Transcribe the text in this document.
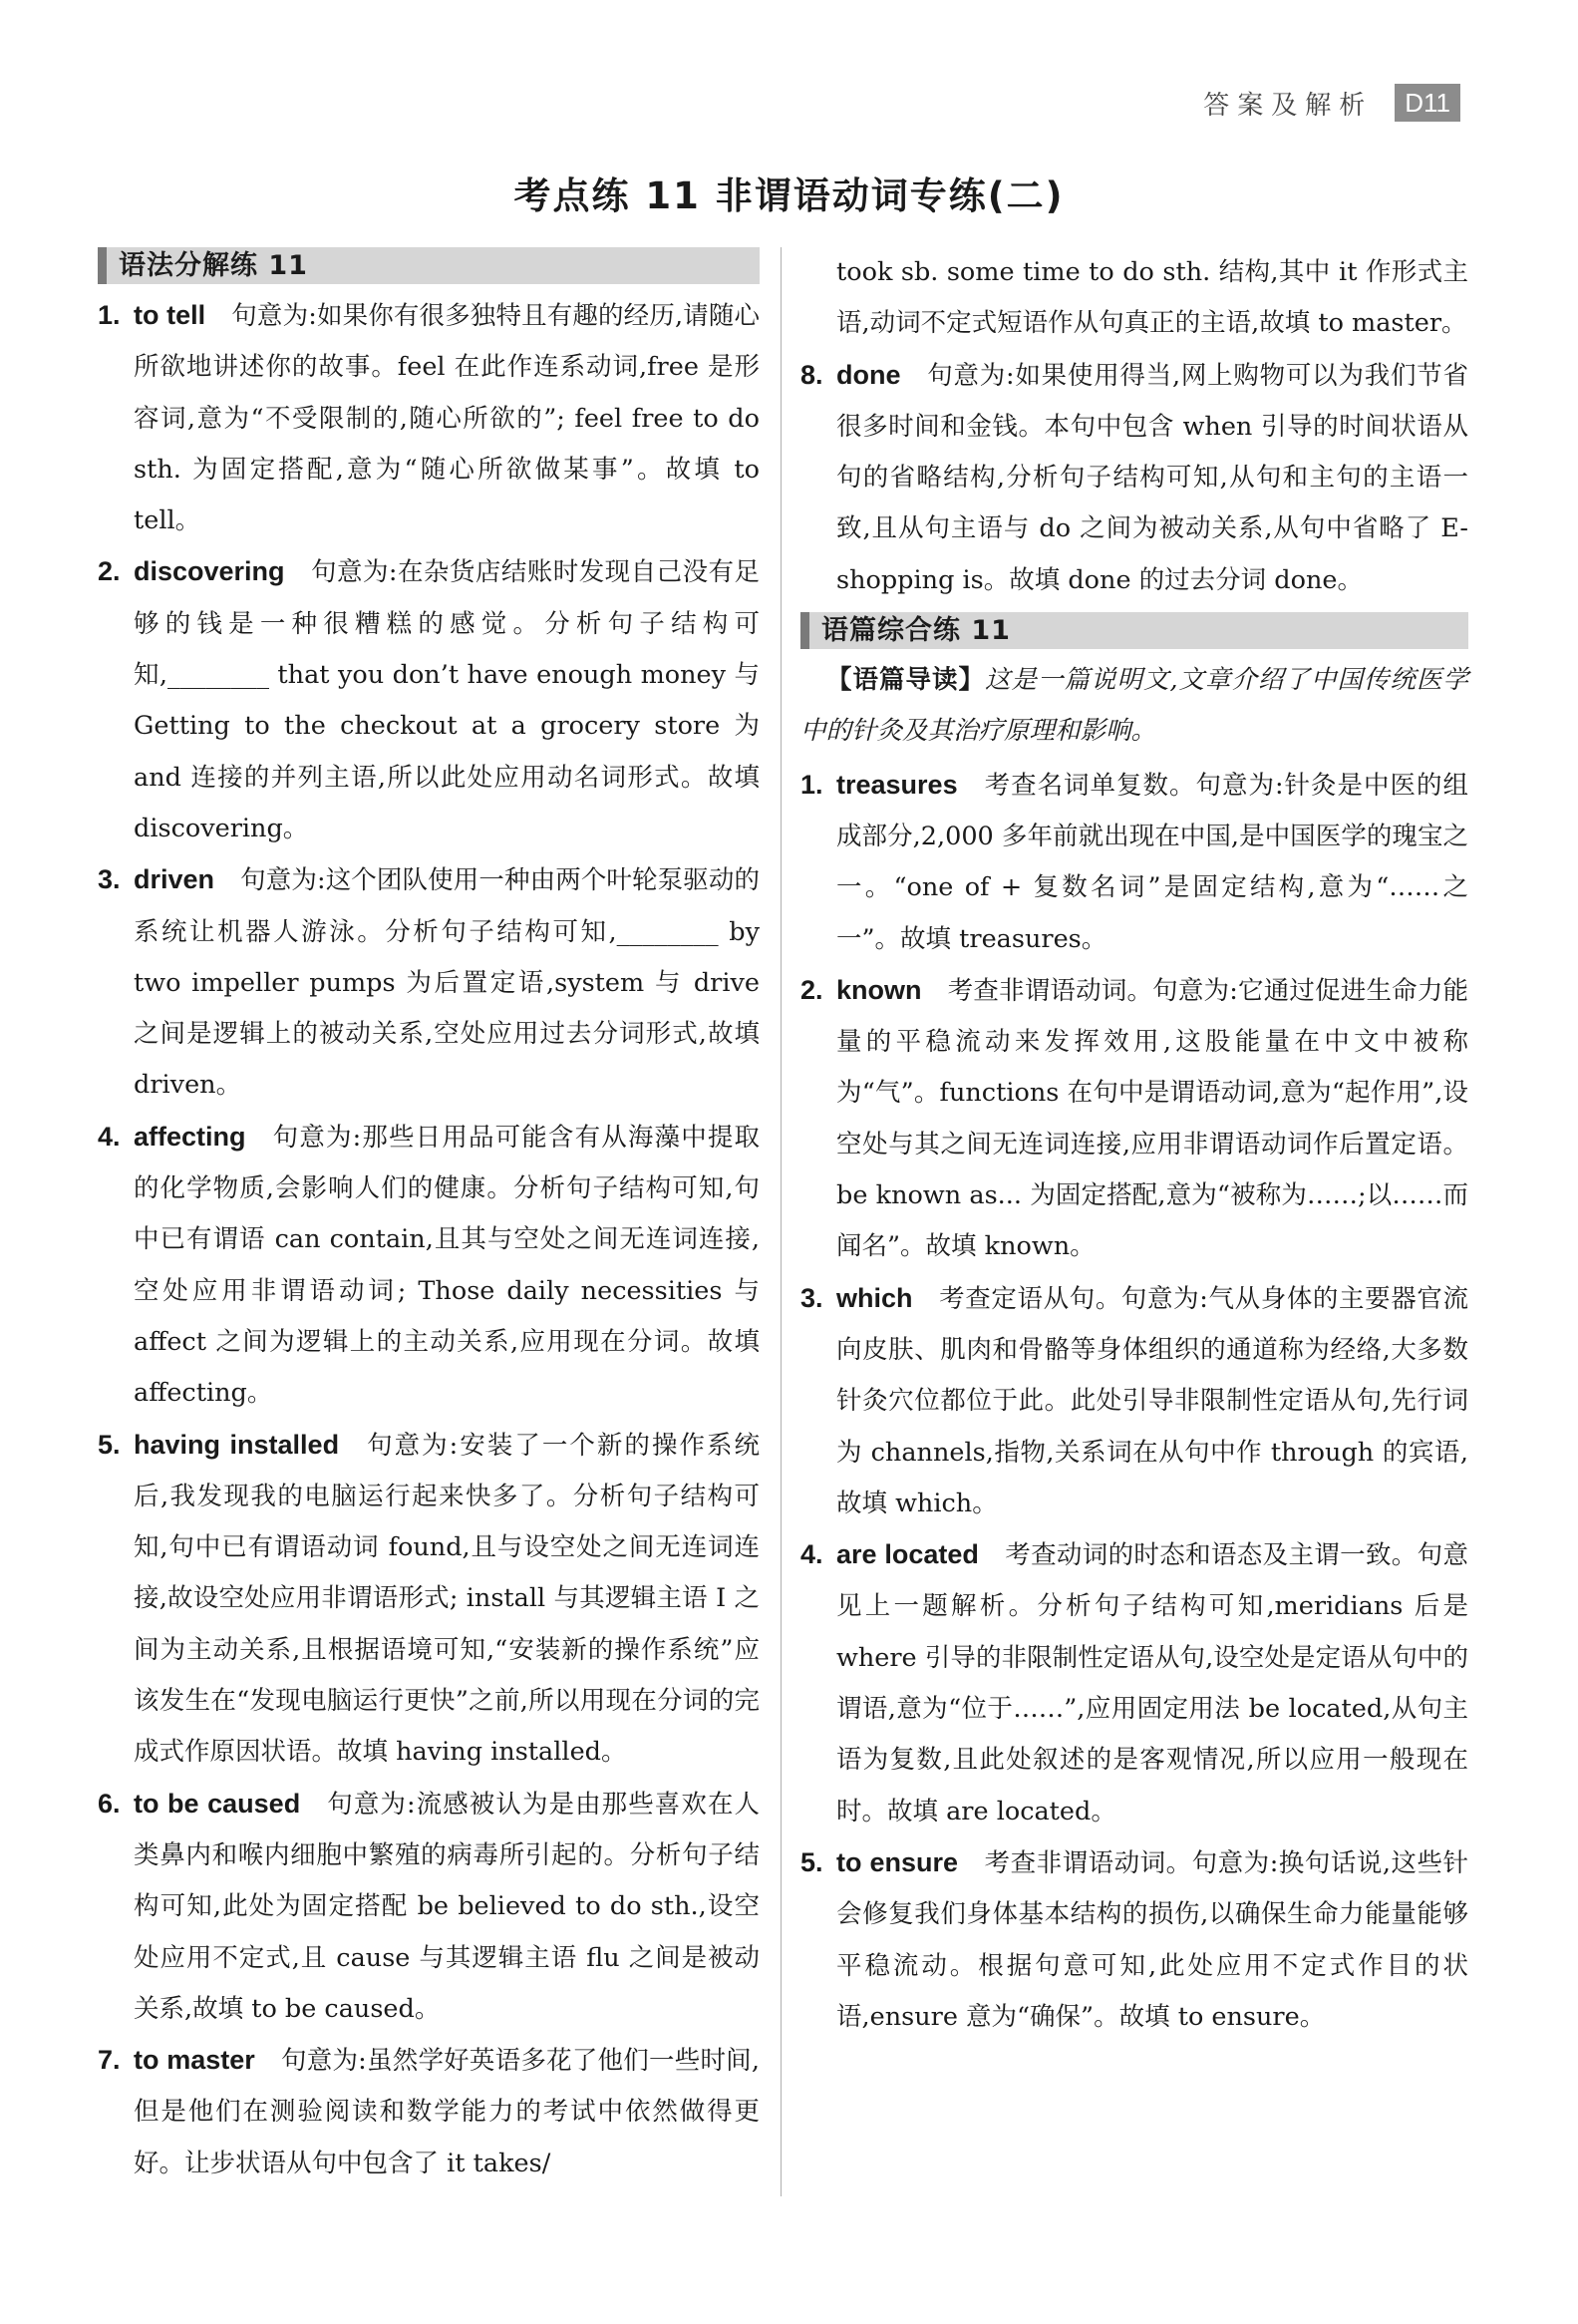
答案及解析	D11
考点练 11 非谓语动词专练(二)
语法分解练 11
1. to tell 句意为:如果你有很多独特且有趣的经历,请随心所欲地讲述你的故事。feel 在此作连系动词,free 是形容词,意为“不受限制的,随心所欲的”; feel free to do sth. 为固定搭配,意为“随心所欲做某事”。故填 to tell。
2. discovering 句意为:在杂货店结账时发现自己没有足够的钱是一种很糟糕的感觉。分析句子结构可知,________ that you don’t have enough money 与 Getting to the checkout at a grocery store 为 and 连接的并列主语,所以此处应用动名词形式。故填 discovering。
3. driven 句意为:这个团队使用一种由两个叶轮泵驱动的系统让机器人游泳。分析句子结构可知,________ by two impeller pumps 为后置定语,system 与 drive 之间是逻辑上的被动关系,空处应用过去分词形式,故填 driven。
4. affecting 句意为:那些日用品可能含有从海藻中提取的化学物质,会影响人们的健康。分析句子结构可知,句中已有谓语 can contain,且其与空处之间无连词连接,空处应用非谓语动词; Those daily necessities 与 affect 之间为逻辑上的主动关系,应用现在分词。故填 affecting。
5. having installed 句意为:安装了一个新的操作系统后,我发现我的电脑运行起来快多了。分析句子结构可知,句中已有谓语动词 found,且与设空处之间无连词连接,故设空处应用非谓语形式; install 与其逻辑主语 I 之间为主动关系,且根据语境可知,“安装新的操作系统”应该发生在“发现电脑运行更快”之前,所以用现在分词的完成式作原因状语。故填 having installed。
6. to be caused 句意为:流感被认为是由那些喜欢在人类鼻内和喉内细胞中繁殖的病毒所引起的。分析句子结构可知,此处为固定搭配 be believed to do sth.,设空处应用不定式,且 cause 与其逻辑主语 flu 之间是被动关系,故填 to be caused。
7. to master 句意为:虽然学好英语多花了他们一些时间,但是他们在测验阅读和数学能力的考试中依然做得更好。让步状语从句中包含了 it takes/
took sb. some time to do sth. 结构,其中 it 作形式主语,动词不定式短语作从句真正的主语,故填 to master。
8. done 句意为:如果使用得当,网上购物可以为我们节省很多时间和金钱。本句中包含 when 引导的时间状语从句的省略结构,分析句子结构可知,从句和主句的主语一致,且从句主语与 do 之间为被动关系,从句中省略了 E-shopping is。故填 done 的过去分词 done。
语篇综合练 11
【语篇导读】这是一篇说明文,文章介绍了中国传统医学中的针灸及其治疗原理和影响。
1. treasures 考查名词单复数。句意为:针灸是中医的组成部分,2,000 多年前就出现在中国,是中国医学的瑰宝之一。“one of + 复数名词”是固定结构,意为“……之一”。故填 treasures。
2. known 考查非谓语动词。句意为:它通过促进生命力能量的平稳流动来发挥效用,这股能量在中文中被称为“气”。functions 在句中是谓语动词,意为“起作用”,设空处与其之间无连词连接,应用非谓语动词作后置定语。be known as... 为固定搭配,意为“被称为……;以……而闻名”。故填 known。
3. which 考查定语从句。句意为:气从身体的主要器官流向皮肤、肌肉和骨骼等身体组织的通道称为经络,大多数针灸穴位都位于此。此处引导非限制性定语从句,先行词为 channels,指物,关系词在从句中作 through 的宾语,故填 which。
4. are located 考查动词的时态和语态及主谓一致。句意见上一题解析。分析句子结构可知,meridians 后是 where 引导的非限制性定语从句,设空处是定语从句中的谓语,意为“位于……”,应用固定用法 be located,从句主语为复数,且此处叙述的是客观情况,所以应用一般现在时。故填 are located。
5. to ensure 考查非谓语动词。句意为:换句话说,这些针会修复我们身体基本结构的损伤,以确保生命力能量能够平稳流动。根据句意可知,此处应用不定式作目的状语,ensure 意为“确保”。故填 to ensure。
